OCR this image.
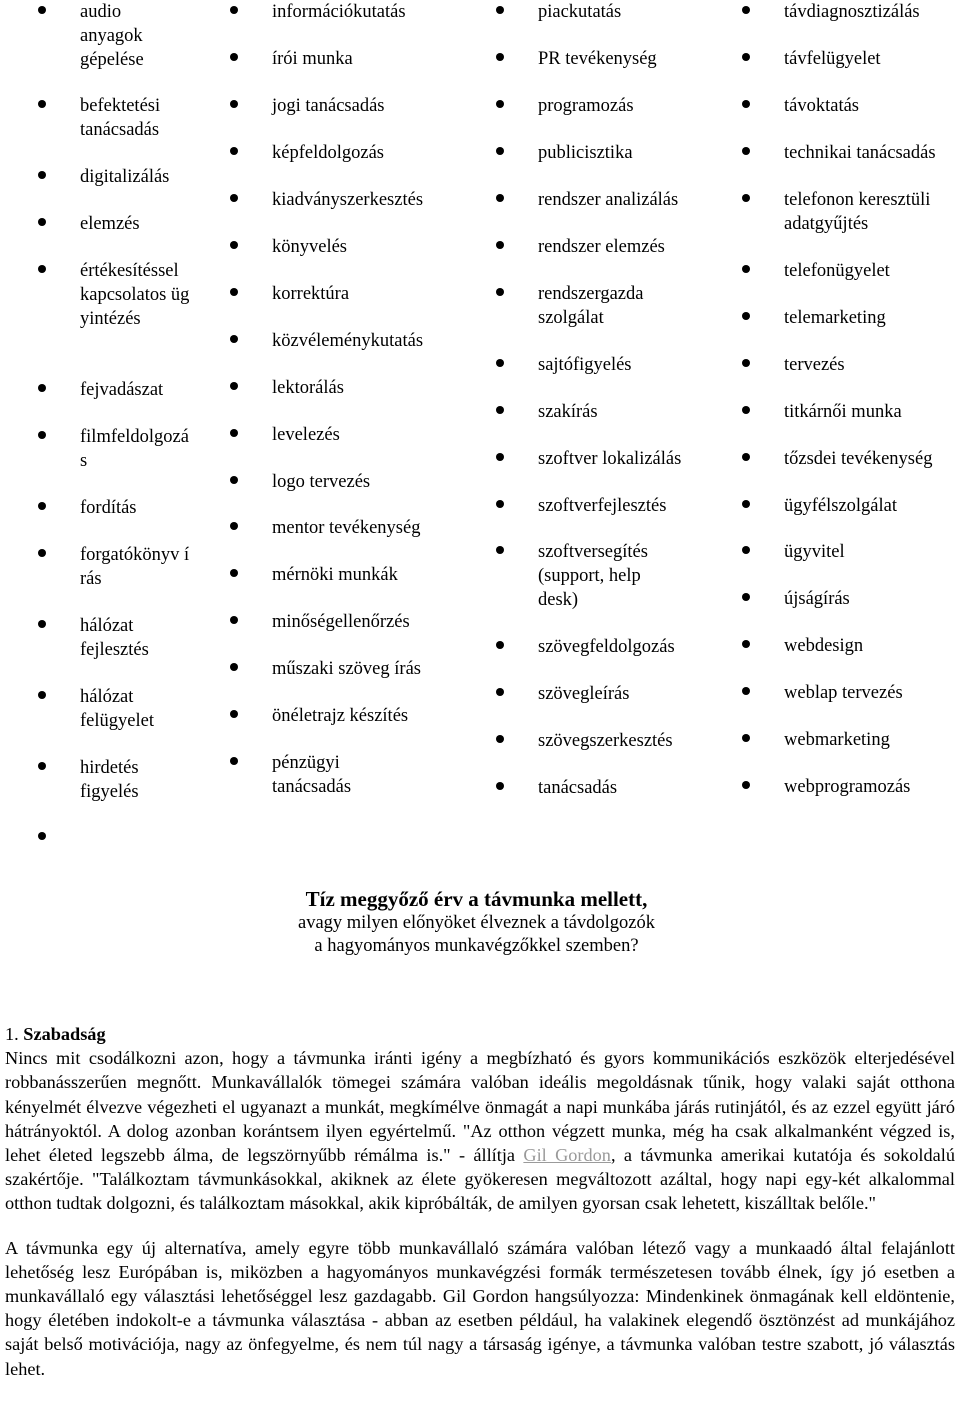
audio anyagok gépelése
befektetési tanácsadás
digitalizálás
elemzés
értékesítéssel kapcsolatos ügyintézés
fejvadászat
filmfeldolgozás
fordítás
forgatókönyv írás
hálózat fejlesztés
hálózat felügyelet
hirdetés figyelés
információkutatás
írói munka
jogi tanácsadás
képfeldolgozás
kiadványszerkesztés
könyvelés
korrektúra
közvéleménykutatás
lektorálás
levelezés
logo tervezés
mentor tevékenység
mérnöki munkák
minőségellenőrzés
műszaki szöveg írás
önéletrajz készítés
pénzügyi tanácsadás
piackutatás
PR tevékenység
programozás
publicisztika
rendszer analizálás
rendszer elemzés
rendszergazda szolgálat
sajtófigyelés
szakírás
szoftver lokalizálás
szoftverfejlesztés
szoftversegítés (support, help desk)
szövegfeldolgozás
szövegleírás
szövegszerkesztés
tanácsadás
távdiagnosztizálás
távfelügyelet
távoktatás
technikai tanácsadás
telefonon keresztüli adatgyűjtés
telefonügyelet
telemarketing
tervezés
titkárnői munka
tőzsdei tevékenység
ügyfélszolgálat
ügyvitel
újságírás
webdesign
weblap tervezés
webmarketing
webprogramozás
Tíz meggyőző érv a távmunka mellett,
avagy milyen előnyöket élveznek a távdolgozók
a hagyományos munkavégzőkkel szemben?
1. Szabadság

Nincs mit csodálkozni azon, hogy a távmunka iránti igény a megbízható és gyors kommunikációs eszközök elterjedésével robbanásszerűen megnőtt. Munkavállalók tömegei számára valóban ideális megoldásnak tűnik, hogy valaki saját otthona kényelmét élvezve végezheti el ugyanazt a munkát, megkímélve önmagát a napi munkába járás rutinjától, és az ezzel együtt járó hátrányoktól. A dolog azonban korántsem ilyen egyértelmű. "Az otthon végzett munka, még ha csak alkalmanként végzed is, lehet életed legszebb álma, de legszörnyűbb rémálma is." - állítja Gil Gordon, a távmunka amerikai kutatója és sokoldalú szakértője. "Találkoztam távmunkásokkal, akiknek az élete gyökeresen megváltozott azáltal, hogy napi egy-két alkalommal otthon tudtak dolgozni, és találkoztam másokkal, akik kipróbálták, de amilyen gyorsan csak lehetett, kiszálltak belőle."

A távmunka egy új alternatíva, amely egyre több munkavállaló számára valóban létező vagy a munkaadó által felajánlott lehetőség lesz Európában is, miközben a hagyományos munkavégzési formák természetesen tovább élnek, így jó esetben a munkavállaló egy választási lehetőséggel lesz gazdagabb. Gil Gordon hangsúlyozza: Mindenkinek önmagának kell eldöntenie, hogy életében indokolt-e a távmunka választása - abban az esetben például, ha valakinek elegendő ösztönzést ad munkájához saját belső motivációja, nagy az önfegyelme, és nem túl nagy a társaság igénye, a távmunka valóban testre szabott, jó választás lehet.
